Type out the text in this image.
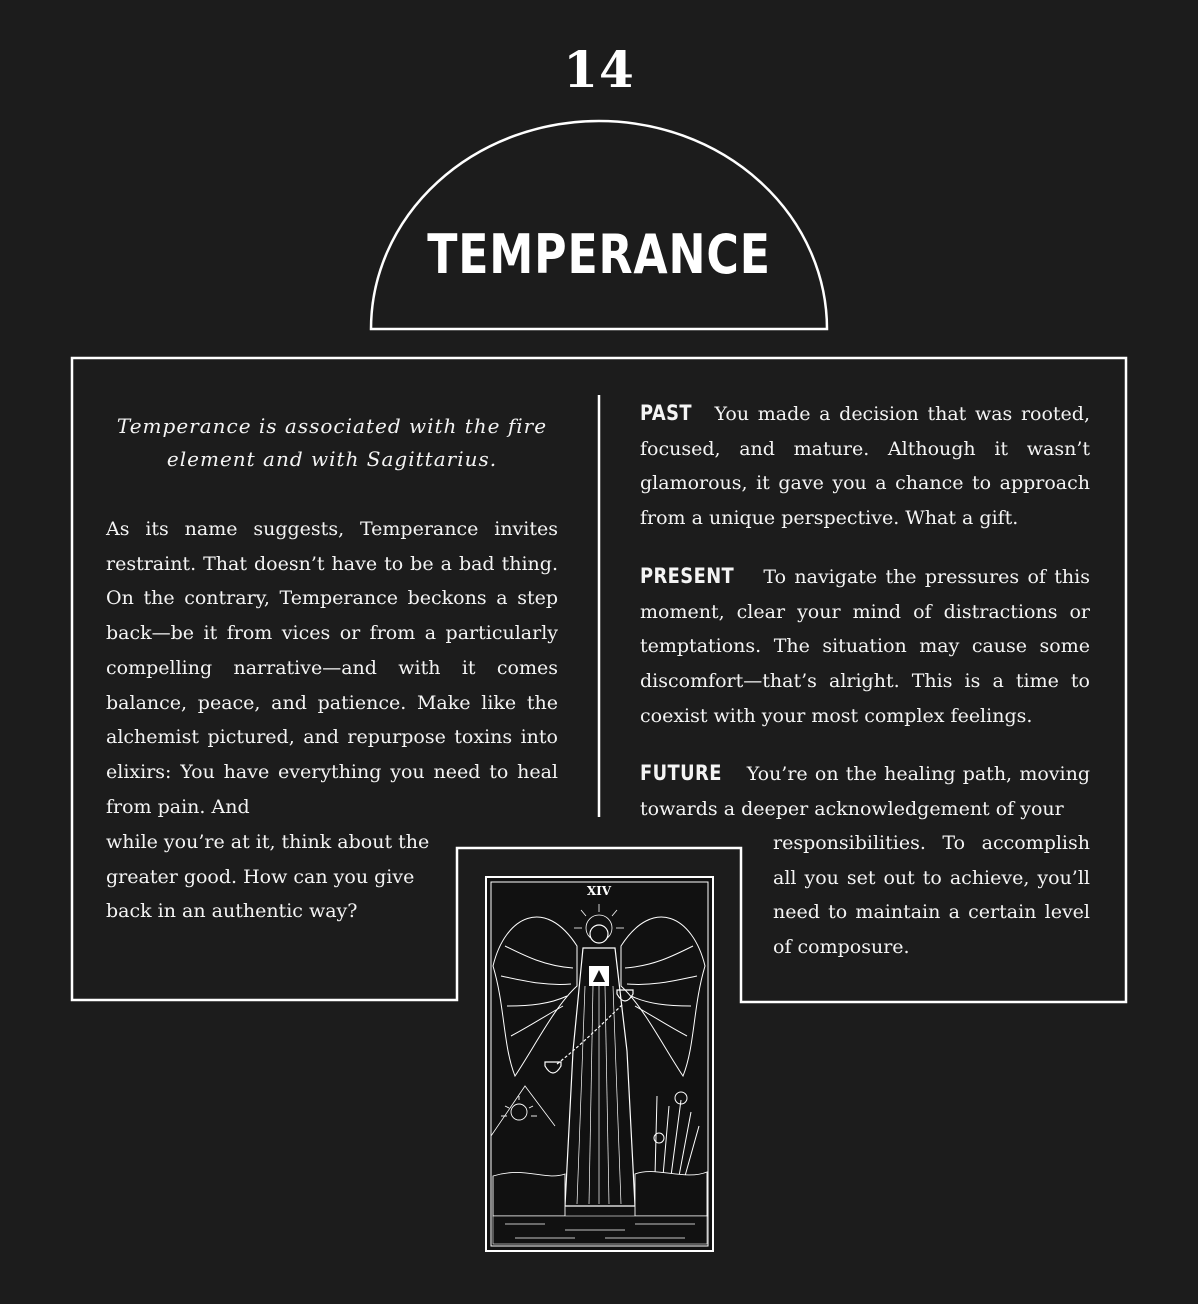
14
TEMPERANCE
Temperance is associated with the fire element and with Sagittarius.

As its name suggests, Temperance invites restraint. That doesn’t have to be a bad thing. On the contrary, Temperance beckons a step back—be it from vices or from a particularly compelling narrative—and with it comes balance, peace, and patience. Make like the alchemist pictured, and repurpose toxins into elixirs: You have everything you need to heal from pain. And

while you’re at it, think about the greater good. How can you give back in an authentic way?

PAST You made a decision that was rooted, focused, and mature. Although it wasn’t glamorous, it gave you a chance to approach from a unique perspective. What a gift.

PRESENT To navigate the pressures of this moment, clear your mind of distractions or temptations. The situation may cause some discomfort—that’s alright. This is a time to coexist with your most complex feelings.

FUTURE You’re on the healing path, moving towards a deeper acknowledgement of your

responsibilities. To accomplish all you set out to achieve, you’ll need to maintain a certain level of composure.

XIV
